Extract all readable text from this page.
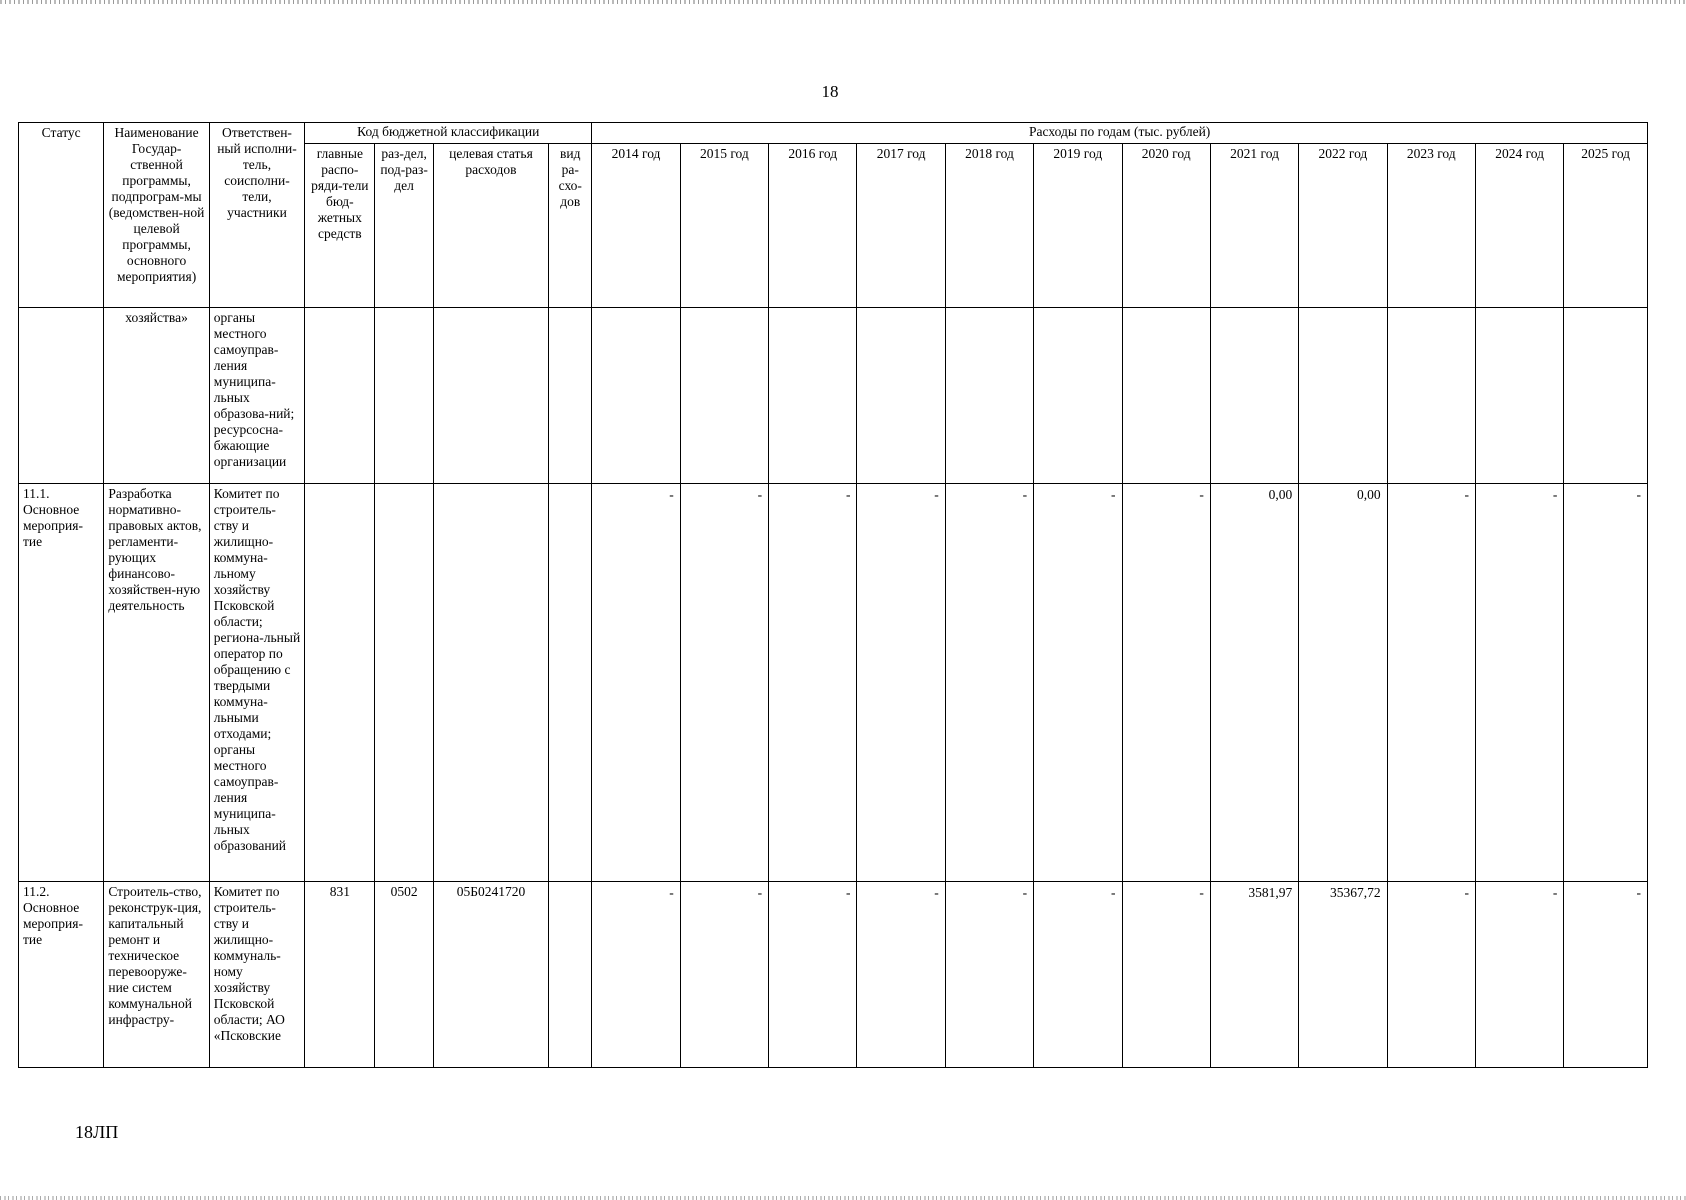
18
Статус	Наименование Государ-ственной программы, подпрограм-мы (ведомствен-ной целевой программы, основного мероприятия)	Ответствен-ный исполни-тель, соисполни-тели, участники	Код бюджетной классификации				Расходы по годам (тыс. рублей)											
			главные распо-ряди-тели бюд-жетных средств	раз-дел, под-раз-дел	целевая статья расходов	вид ра-схо-дов	2014 год	2015 год	2016 год	2017 год	2018 год	2019 год	2020 год	2021 год	2022 год	2023 год	2024 год	2025 год
	хозяйства»	органы местного самоуправ-ления муниципа-льных образова-ний; ресурсосна-бжающие организации																
11.1. Основное мероприя-тие	Разработка нормативно-правовых актов, регламенти-рующих финансово-хозяйствен-ную деятельность	Комитет по строитель-ству и жилищно-коммуна-льному хозяйству Псковской области; региона-льный оператор по обращению с твердыми коммуна-льными отходами; органы местного самоуправ-ления муниципа-льных образований					-	-	-	-	-	-	-	0,00	0,00	-	-	-
11.2. Основное мероприя-тие	Строитель-ство, реконструк-ция, капитальный ремонт и техническое перевооруже-ние систем коммунальной инфрастру-	Комитет по строитель-ству и жилищно-коммуналь-ному хозяйству Псковской области; АО «Псковские	831	0502	05Б0241720		-	-	-	-	-	-	-	3581,97	35367,72	-	-	-
18ЛП
